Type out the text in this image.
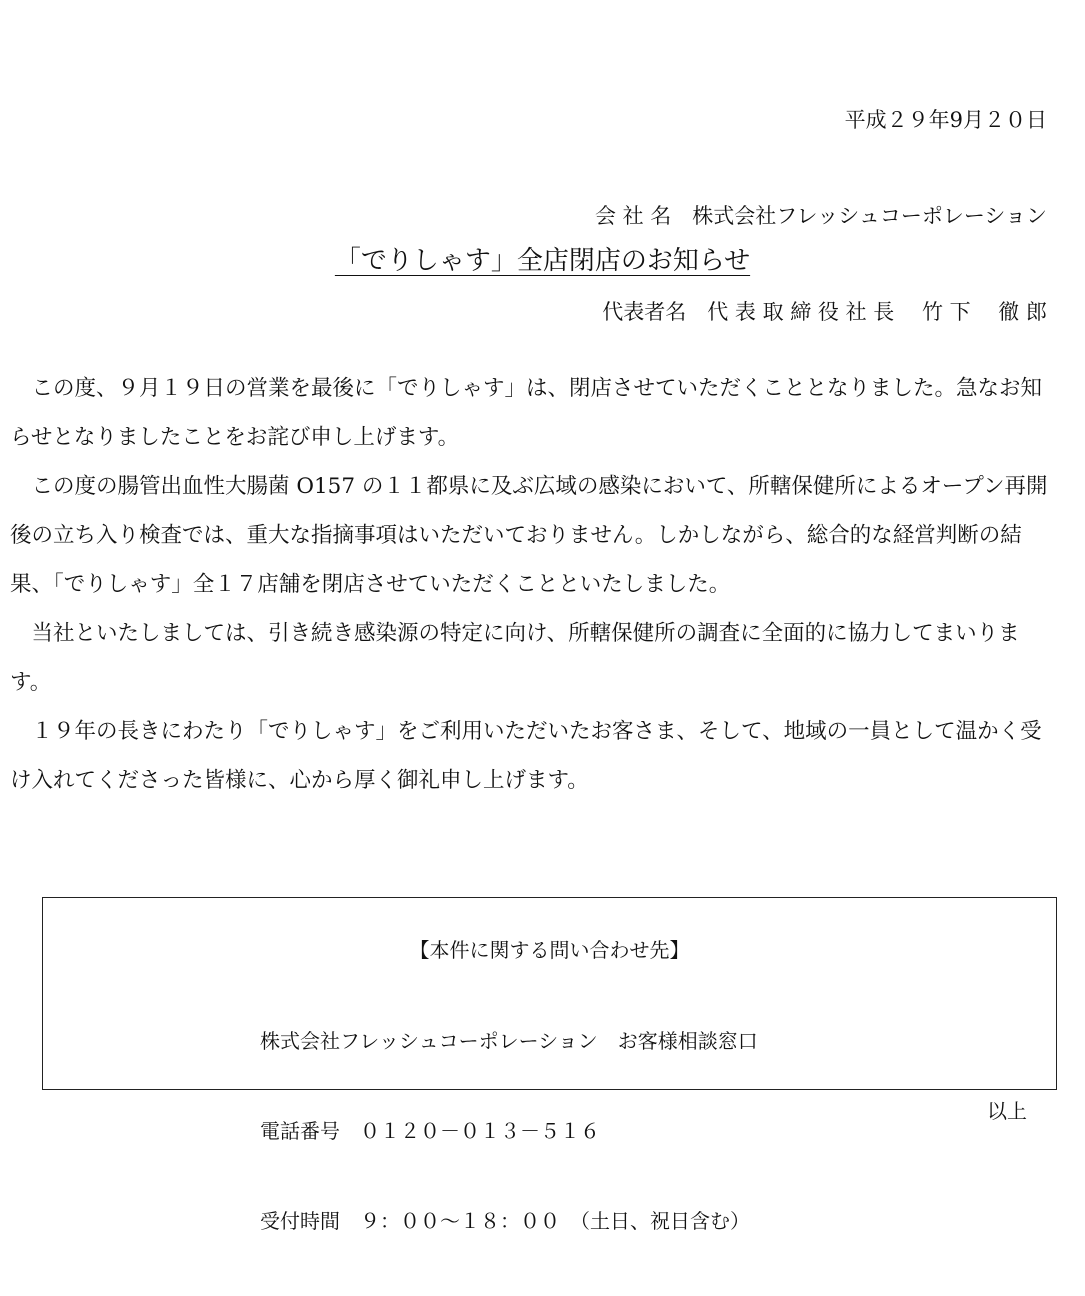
平成２９年9月２０日

会 社 名　株式会社フレッシュコーポレーション

代表者名　代 表 取 締 役 社 長　 竹 下　 徹 郎

「でりしゃす」全店閉店のお知らせ

この度、９月１９日の営業を最後に「でりしゃす」は、閉店させていただくこととなりました。急なお知らせとなりましたことをお詫び申し上げます。

この度の腸管出血性大腸菌 O157 の１１都県に及ぶ広域の感染において、所轄保健所によるオープン再開後の立ち入り検査では、重大な指摘事項はいただいておりません。しかしながら、総合的な経営判断の結果、「でりしゃす」全１７店舗を閉店させていただくことといたしました。

当社といたしましては、引き続き感染源の特定に向け、所轄保健所の調査に全面的に協力してまいります。

１９年の長きにわたり「でりしゃす」をご利用いただいたお客さま、そして、地域の一員として温かく受け入れてくださった皆様に、心から厚く御礼申し上げます。

【本件に関する問い合わせ先】

株式会社フレッシュコーポレーション　お客様相談窓口

電話番号　０１２０－０１３－５１６

受付時間　９：００～１８：００　（土日、祝日含む）

以上
